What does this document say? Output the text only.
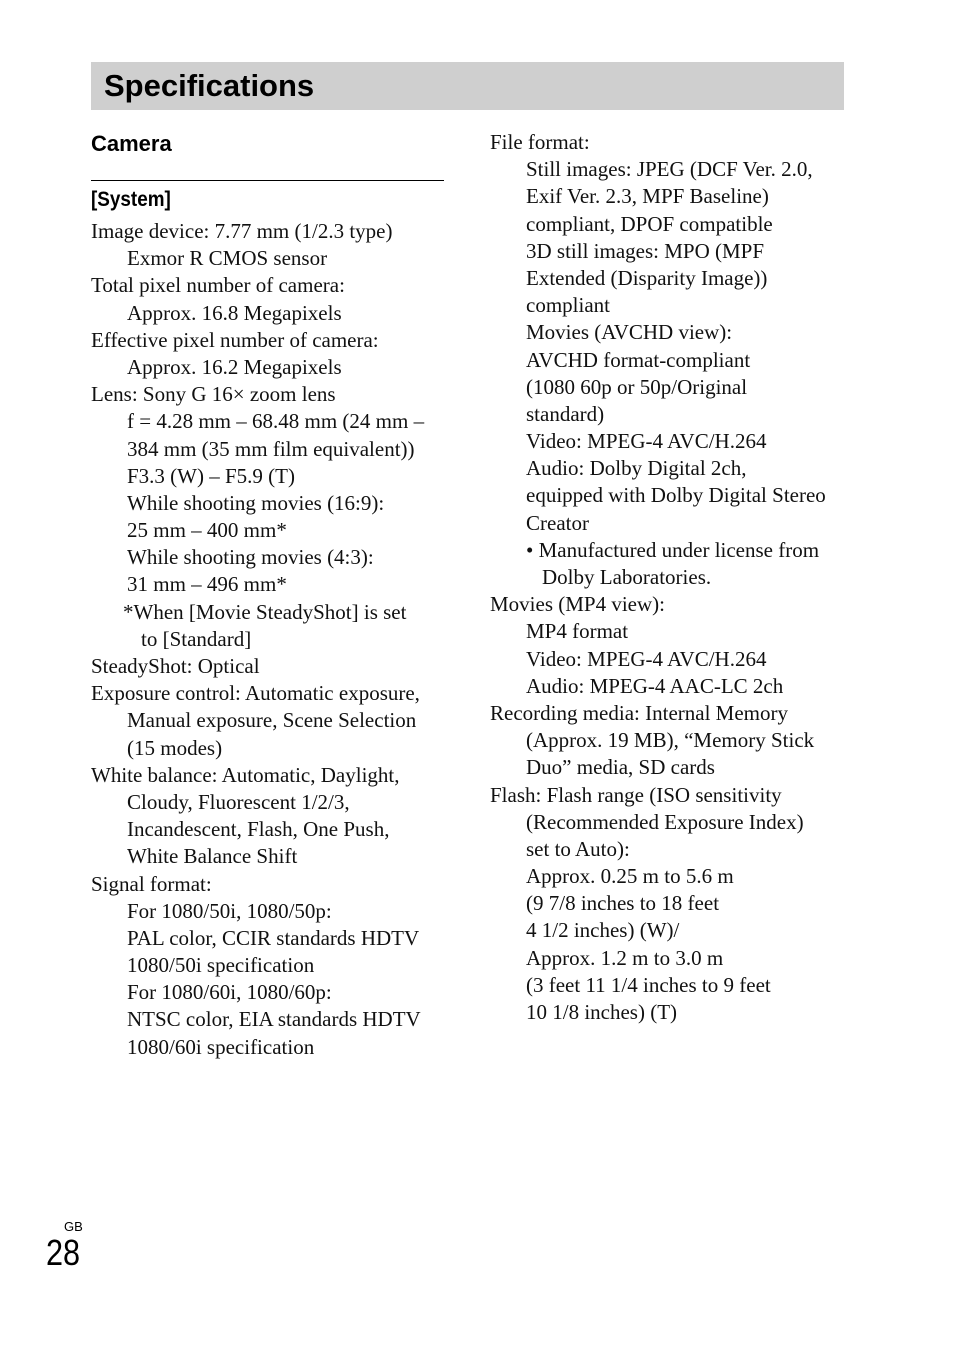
Specifications
Camera
[System]
Image device: 7.77 mm (1/2.3 type)
Exmor R CMOS sensor
Total pixel number of camera:
Approx. 16.8 Megapixels
Effective pixel number of camera:
Approx. 16.2 Megapixels
Lens: Sony G 16× zoom lens
f = 4.28 mm – 68.48 mm (24 mm –
384 mm (35 mm film equivalent))
F3.3 (W) – F5.9 (T)
While shooting movies (16:9):
25 mm – 400 mm*
While shooting movies (4:3):
31 mm – 496 mm*
*When [Movie SteadyShot] is set
to [Standard]
SteadyShot: Optical
Exposure control: Automatic exposure,
Manual exposure, Scene Selection
(15 modes)
White balance: Automatic, Daylight,
Cloudy, Fluorescent 1/2/3,
Incandescent, Flash, One Push,
White Balance Shift
Signal format:
For 1080/50i, 1080/50p:
PAL color, CCIR standards HDTV
1080/50i specification
For 1080/60i, 1080/60p:
NTSC color, EIA standards HDTV
1080/60i specification
File format:
Still images: JPEG (DCF Ver. 2.0,
Exif Ver. 2.3, MPF Baseline)
compliant, DPOF compatible
3D still images: MPO (MPF
Extended (Disparity Image))
compliant
Movies (AVCHD view):
AVCHD format-compliant
(1080 60p or 50p/Original
standard)
Video: MPEG-4 AVC/H.264
Audio: Dolby Digital 2ch,
equipped with Dolby Digital Stereo
Creator
• Manufactured under license from
Dolby Laboratories.
Movies (MP4 view):
MP4 format
Video: MPEG-4 AVC/H.264
Audio: MPEG-4 AAC-LC 2ch
Recording media: Internal Memory
(Approx. 19 MB), “Memory Stick
Duo” media, SD cards
Flash: Flash range (ISO sensitivity
(Recommended Exposure Index)
set to Auto):
Approx. 0.25 m to 5.6 m
(9 7/8 inches to 18 feet
4 1/2 inches) (W)/
Approx. 1.2 m to 3.0 m
(3 feet 11 1/4 inches to 9 feet
10 1/8 inches) (T)
GB
28
